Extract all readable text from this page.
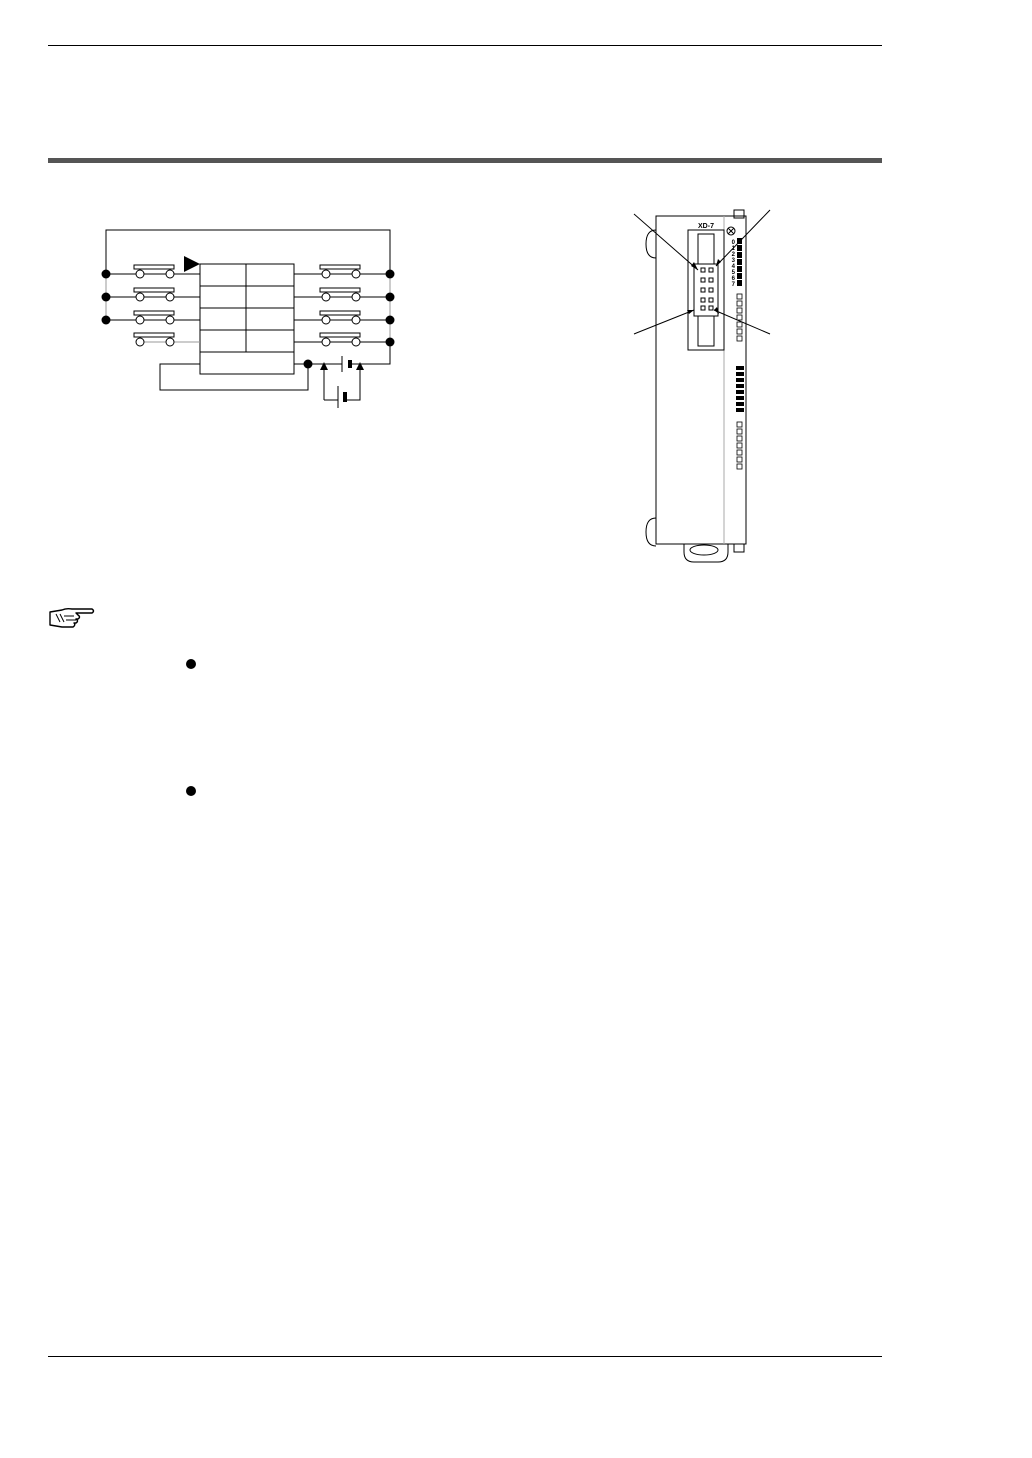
XD-7
0
1
2
3
4
5
6
7
